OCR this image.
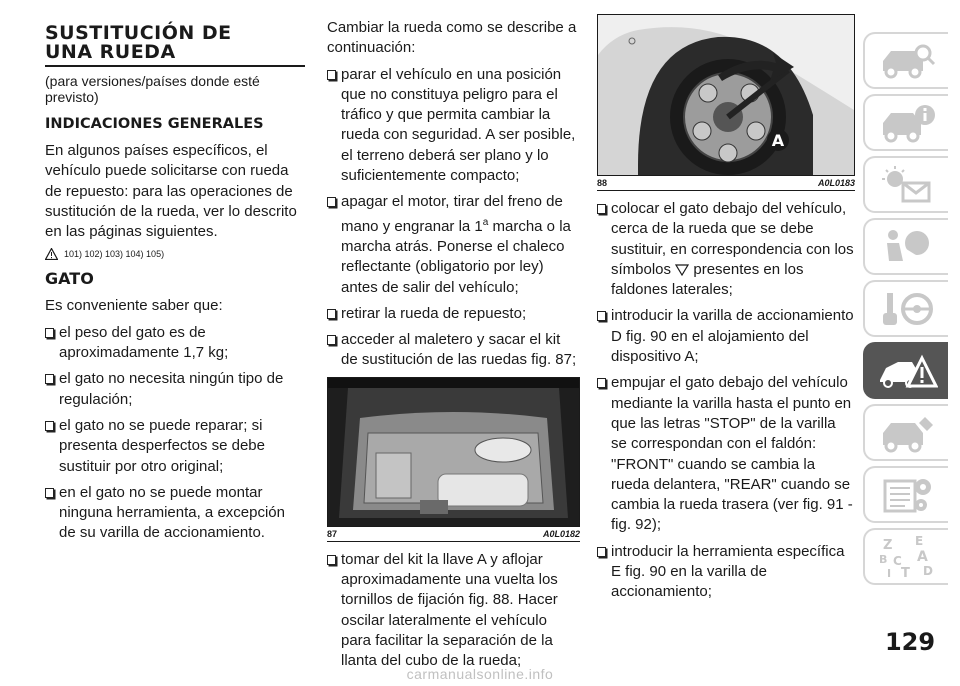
SUSTITUCIÓN DE
UNA RUEDA
(para versiones/países donde esté previsto)
INDICACIONES GENERALES
En algunos países específicos, el vehículo puede solicitarse con rueda de repuesto: para las operaciones de sustitución de la rueda, ver lo descrito en las páginas siguientes.
101) 102) 103) 104) 105)
GATO
Es conveniente saber que:
el peso del gato es de aproximadamente 1,7 kg;
el gato no necesita ningún tipo de regulación;
el gato no se puede reparar; si presenta desperfectos se debe sustituir por otro original;
en el gato no se puede montar ninguna herramienta, a excepción de su varilla de accionamiento.
Cambiar la rueda como se describe a continuación:
parar el vehículo en una posición que no constituya peligro para el tráfico y que permita cambiar la rueda con seguridad. A ser posible, el terreno deberá ser plano y lo suficientemente compacto;
apagar el motor, tirar del freno de mano y engranar la 1$^a$ marcha o la marcha atrás. Ponerse el chaleco reflectante (obligatorio por ley) antes de salir del vehículo;
retirar la rueda de repuesto;
acceder al maletero y sacar el kit de sustitución de las ruedas fig. 87;
87	A0L0182
tomar del kit la llave A y aflojar aproximadamente una vuelta los tornillos de fijación fig. 88. Hacer oscilar lateralmente el vehículo para facilitar la separación de la llanta del cubo de la rueda;
A
88	A0L0183
colocar el gato debajo del vehículo, cerca de la rueda que se debe sustituir, en correspondencia con los símbolos  presentes en los faldones laterales;
introducir la varilla de accionamiento D fig. 90 en el alojamiento del dispositivo A;
empujar el gato debajo del vehículo mediante la varilla hasta el punto en que las letras "STOP" de la varilla se correspondan con el faldón: "FRONT" cuando se cambia la rueda delantera, "REAR" cuando se cambia la rueda trasera (ver fig. 91 - fig. 92);
introducir la herramienta específica E fig. 90 en la varilla de accionamiento;
Z E
B A
C
I T D
129
carmanualsonline.info
